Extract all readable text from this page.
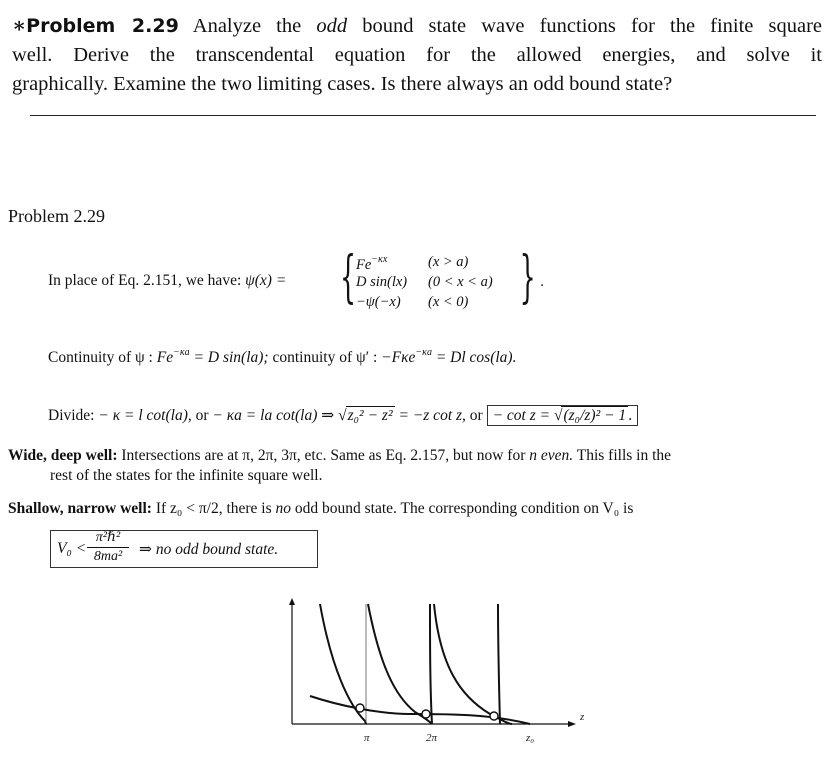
∗Problem 2.29 Analyze the odd bound state wave functions for the finite square
well. Derive the transcendental equation for the allowed energies, and solve it
graphically. Examine the two limiting cases. Is there always an odd bound state?
Problem 2.29
In place of Eq. 2.151, we have: ψ(x) = { $Fe^{-\kappa x}$	(x > a)
D sin(lx) (0 < x < a)
−ψ(−x) (x < 0) } .
Continuity of ψ : $Fe^{-\kappa a} = D$ sin(la); continuity of ψ′ : −Fκe$^{-\kappa a}$ = Dl cos(la).
Divide: − κ = l cot(la), or − κa = la cot(la) ⇒ √z₀² − z² = −z cot z, or − cot z = √(z₀/z)² − 1 .
Wide, deep well: Intersections are at π, 2π, 3π, etc. Same as Eq. 2.157, but now for n even. This fills in the
rest of the states for the infinite square well.
Shallow, narrow well: If z₀ < π/2, there is no odd bound state. The corresponding condition on V₀ is
V₀ <
π²ℏ²
8ma²	⇒ no odd bound state.
π	2π	z₀
z
